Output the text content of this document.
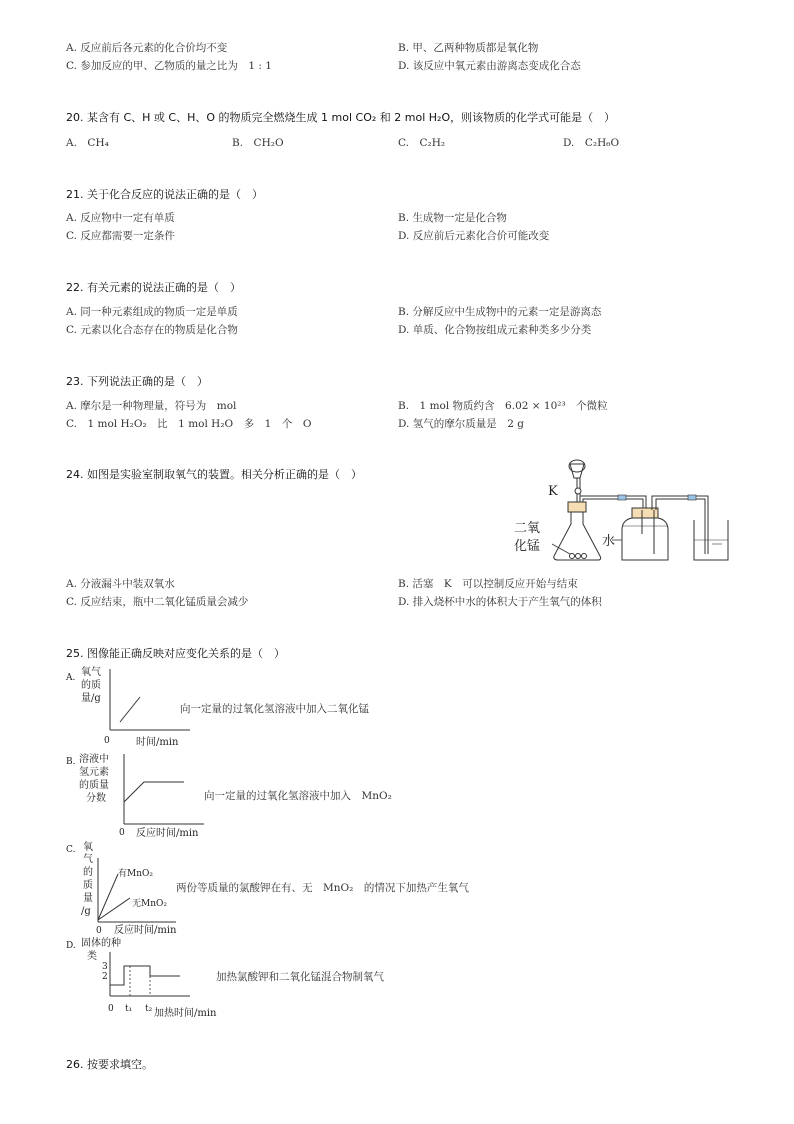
A. 反应前后各元素的化合价均不变	B. 甲、乙两种物质都是氧化物
C. 参加反应的甲、乙物质的量之比为　1 : 1	D. 该反应中氧元素由游离态变成化合态
20. 某含有 C、H 或 C、H、O 的物质完全燃烧生成 1 mol CO₂ 和 2 mol H₂O，则该物质的化学式可能是（　）
A.　CH₄	B.　CH₂O	C.　C₂H₂	D.　C₂H₆O
21. 关于化合反应的说法正确的是（　）
A. 反应物中一定有单质	B. 生成物一定是化合物
C. 反应都需要一定条件	D. 反应前后元素化合价可能改变
22. 有关元素的说法正确的是（　）
A. 同一种元素组成的物质一定是单质	B. 分解反应中生成物中的元素一定是游离态
C. 元素以化合态存在的物质是化合物	D. 单质、化合物按组成元素种类多少分类
23. 下列说法正确的是（　）
A. 摩尔是一种物理量，符号为　mol	B.　1 mol 物质约含　6.02 × 10²³　个微粒
C.　1 mol H₂O₂　比　1 mol H₂O　多　1　个　O	D. 氢气的摩尔质量是　2 g
24. 如图是实验室制取氧气的装置。相关分析正确的是（　）
K
二氧
化锰	水
A. 分液漏斗中装双氧水	B. 活塞　K　可以控制反应开始与结束
C. 反应结束，瓶中二氧化锰质量会减少	D. 排入烧杯中水的体积大于产生氧气的体积
25. 图像能正确反映对应变化关系的是（　）
A. 氧气
的质
量/g
0	时间/min
向一定量的过氧化氢溶液中加入二氧化锰
B. 溶液中
氢元素
的质量
分数
0 反应时间/min
向一定量的过氧化氢溶液中加入　MnO₂
C. 氧
气
的
质
量
/g
有MnO₂
无MnO₂
0 反应时间/min
两份等质量的氯酸钾在有、无　MnO₂　的情况下加热产生氧气
D. 固体的种
类
3
2
0 t₁ t₂ 加热时间/min
加热氯酸钾和二氧化锰混合物制氧气
26. 按要求填空。
